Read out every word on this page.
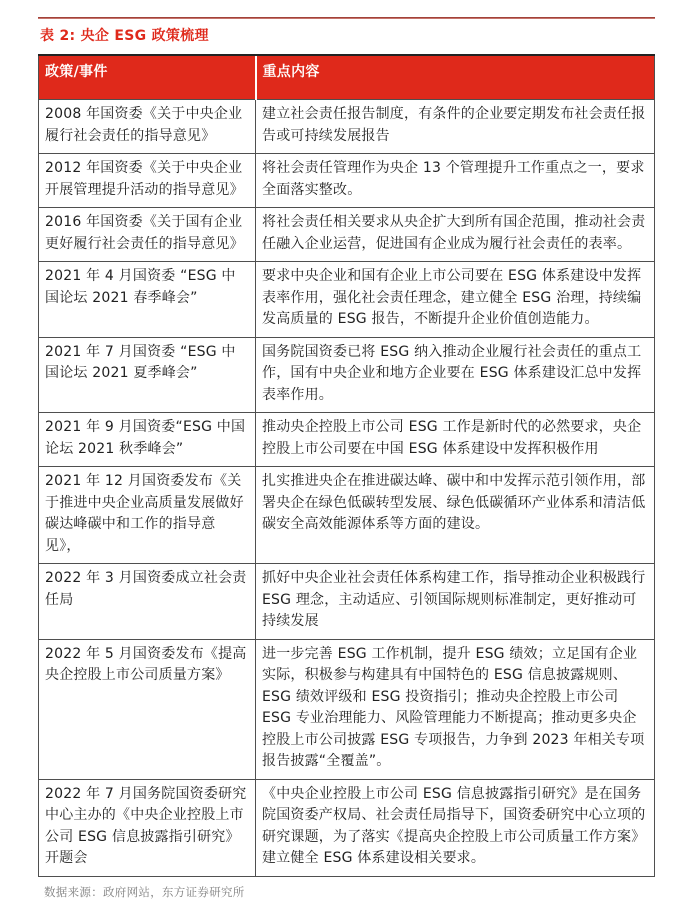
表 2: 央企 ESG 政策梳理
政策/事件	重点内容
2008 年国资委《关于中央企业履行社会责任的指导意见》	建立社会责任报告制度，有条件的企业要定期发布社会责任报告或可持续发展报告
2012 年国资委《关于中央企业开展管理提升活动的指导意见》	将社会责任管理作为央企 13 个管理提升工作重点之一，要求全面落实整改。
2016 年国资委《关于国有企业更好履行社会责任的指导意见》	将社会责任相关要求从央企扩大到所有国企范围，推动社会责任融入企业运营，促进国有企业成为履行社会责任的表率。
2021 年 4 月国资委 “ESG 中国论坛 2021 春季峰会”	要求中央企业和国有企业上市公司要在 ESG 体系建设中发挥表率作用，强化社会责任理念，建立健全 ESG 治理，持续编发高质量的 ESG 报告，不断提升企业价值创造能力。
2021 年 7 月国资委 “ESG 中国论坛 2021 夏季峰会”	国务院国资委已将 ESG 纳入推动企业履行社会责任的重点工作，国有中央企业和地方企业要在 ESG 体系建设汇总中发挥表率作用。
2021 年 9 月国资委“ESG 中国论坛 2021 秋季峰会”	推动央企控股上市公司 ESG 工作是新时代的必然要求，央企控股上市公司要在中国 ESG 体系建设中发挥积极作用
2021 年 12 月国资委发布《关于推进中央企业高质量发展做好碳达峰碳中和工作的指导意见》，	扎实推进央企在推进碳达峰、碳中和中发挥示范引领作用，部署央企在绿色低碳转型发展、绿色低碳循环产业体系和清洁低碳安全高效能源体系等方面的建设。
2022 年 3 月国资委成立社会责任局	抓好中央企业社会责任体系构建工作，指导推动企业积极践行 ESG 理念，主动适应、引领国际规则标准制定，更好推动可持续发展
2022 年 5 月国资委发布《提高央企控股上市公司质量方案》	进一步完善 ESG 工作机制，提升 ESG 绩效；立足国有企业实际，积极参与构建具有中国特色的 ESG 信息披露规则、ESG 绩效评级和 ESG 投资指引；推动央企控股上市公司 ESG 专业治理能力、风险管理能力不断提高；推动更多央企控股上市公司披露 ESG 专项报告，力争到 2023 年相关专项报告披露“全覆盖”。
2022 年 7 月国务院国资委研究中心主办的《中央企业控股上市公司 ESG 信息披露指引研究》开题会	《中央企业控股上市公司 ESG 信息披露指引研究》是在国务院国资委产权局、社会责任局指导下，国资委研究中心立项的研究课题，为了落实《提高央企控股上市公司质量工作方案》建立健全 ESG 体系建设相关要求。
数据来源：政府网站，东方证券研究所
